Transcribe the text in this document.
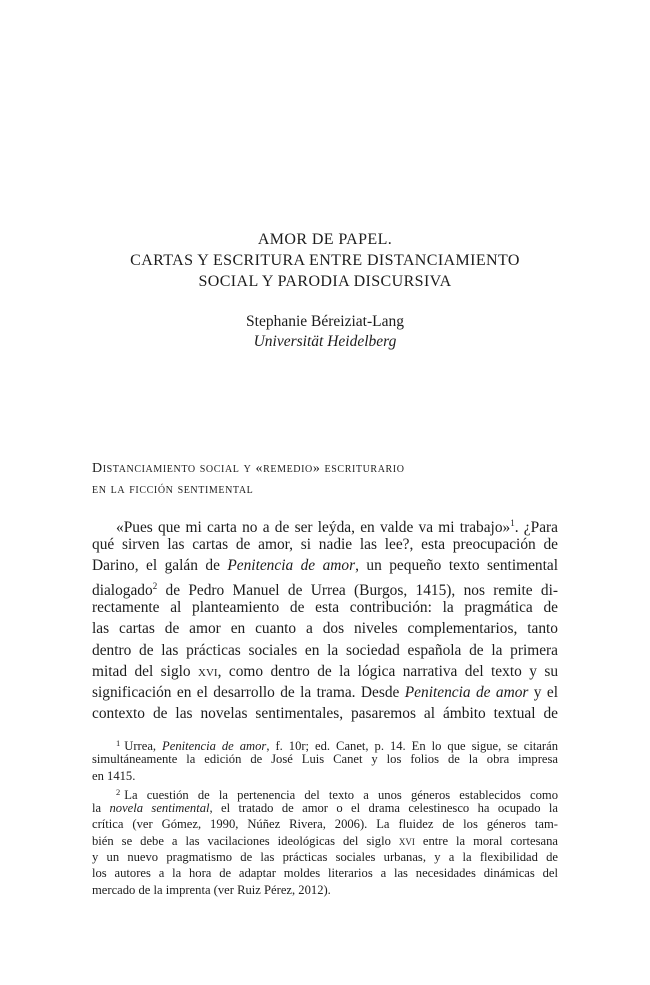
AMOR DE PAPEL.
CARTAS Y ESCRITURA ENTRE DISTANCIAMIENTO
SOCIAL Y PARODIA DISCURSIVA
Stephanie Béreiziat-Lang
Universität Heidelberg
Distanciamiento social y «remedio» escriturario
en la ficción sentimental
«Pues que mi carta no a de ser leýda, en valde va mi trabajo»$^1$. ¿Para
qué sirven las cartas de amor, si nadie las lee?, esta preocupación de
Darino, el galán de Penitencia de amor, un pequeño texto sentimental
dialogado$^2$ de Pedro Manuel de Urrea (Burgos, 1415), nos remite di-
rectamente al planteamiento de esta contribución: la pragmática de
las cartas de amor en cuanto a dos niveles complementarios, tanto
dentro de las prácticas sociales en la sociedad española de la primera
mitad del siglo xvi, como dentro de la lógica narrativa del texto y su
significación en el desarrollo de la trama. Desde Penitencia de amor y el
contexto de las novelas sentimentales, pasaremos al ámbito textual de
$^1$ Urrea, Penitencia de amor, f. 10r; ed. Canet, p. 14. En lo que sigue, se citarán
simultáneamente la edición de José Luis Canet y los folios de la obra impresa
en 1415.
$^2$ La cuestión de la pertenencia del texto a unos géneros establecidos como
la novela sentimental, el tratado de amor o el drama celestinesco ha ocupado la
crítica (ver Gómez, 1990, Núñez Rivera, 2006). La fluidez de los géneros tam-
bién se debe a las vacilaciones ideológicas del siglo xvi entre la moral cortesana
y un nuevo pragmatismo de las prácticas sociales urbanas, y a la flexibilidad de
los autores a la hora de adaptar moldes literarios a las necesidades dinámicas del
mercado de la imprenta (ver Ruiz Pérez, 2012).
